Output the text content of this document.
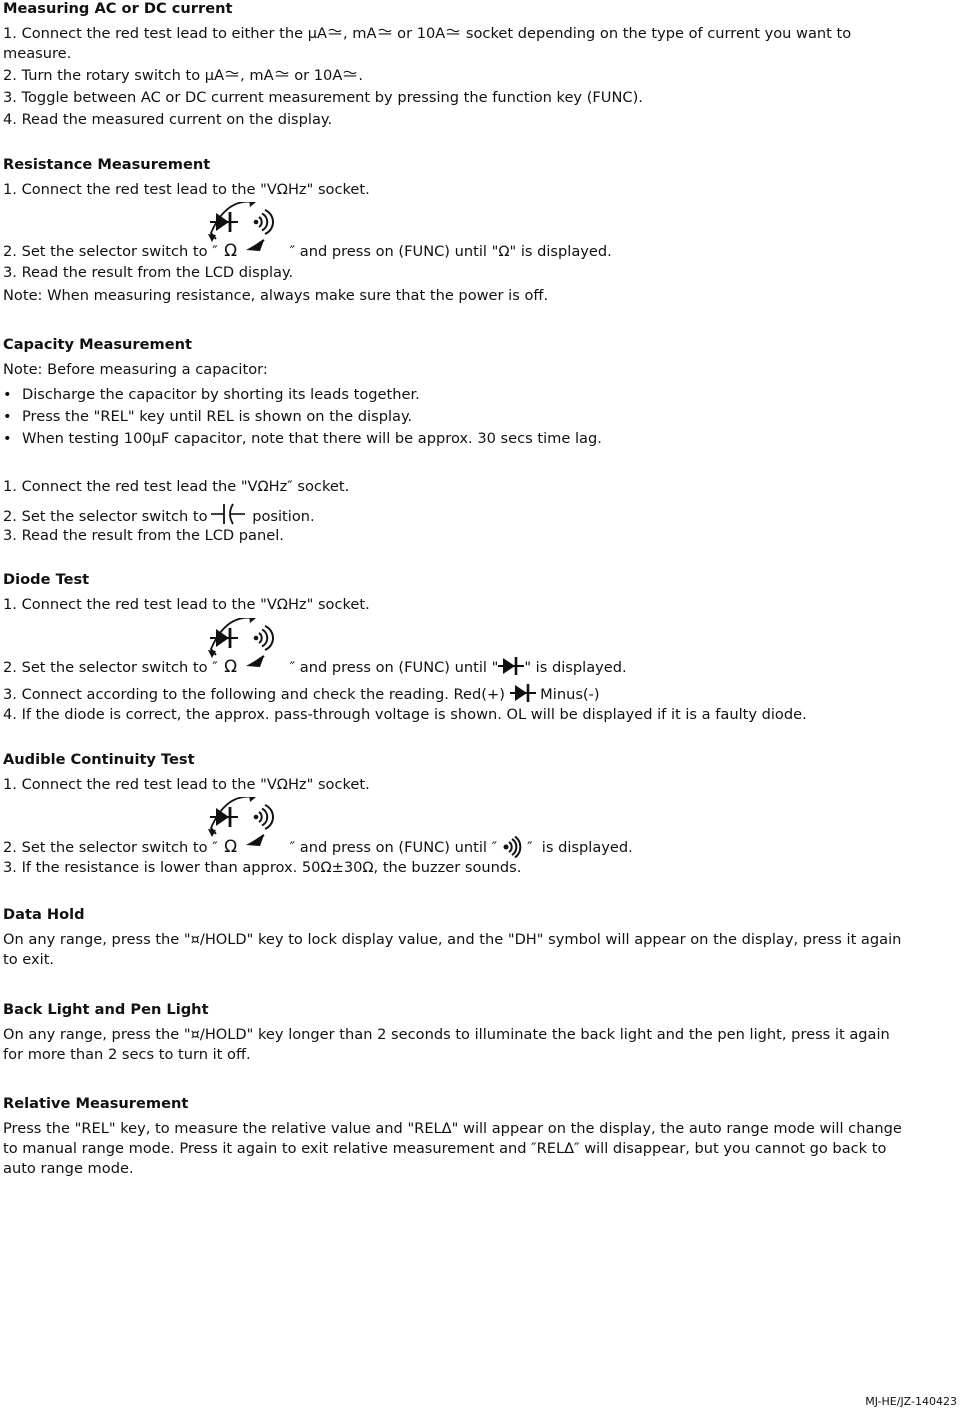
Measuring AC or DC current
1. Connect the red test lead to either the μA , mA or 10A socket depending on the type of current you want to
measure.
2. Turn the rotary switch to μA , mA or 10A .
3. Toggle between AC or DC current measurement by pressing the function key (FUNC).
4. Read the measured current on the display.
Resistance Measurement
1. Connect the red test lead to the "VΩHz" socket.
2. Set the selector switch to ″ Ω	″ and press on (FUNC) until "Ω" is displayed.
3. Read the result from the LCD display.
Note: When measuring resistance, always make sure that the power is off.
Capacity Measurement
Note: Before measuring a capacitor:
• Discharge the capacitor by shorting its leads together.
• Press the "REL" key until REL is shown on the display.
• When testing 100μF capacitor, note that there will be approx. 30 secs time lag.
1. Connect the red test lead the "VΩHz″ socket.
2. Set the selector switch to	position.
3. Read the result from the LCD panel.
Diode Test
1. Connect the red test lead to the "VΩHz" socket.
2. Set the selector switch to ″ Ω	″ and press on (FUNC) until " " is displayed.
3. Connect according to the following and check the reading. Red(+)  Minus(-)
4. If the diode is correct, the approx. pass-through voltage is shown. OL will be displayed if it is a faulty diode.
Audible Continuity Test
1. Connect the red test lead to the "VΩHz" socket.
2. Set the selector switch to ″ Ω	″ and press on (FUNC) until ″ ″  is displayed.
3. If the resistance is lower than approx. 50Ω±30Ω, the buzzer sounds.
Data Hold
On any range, press the "¤/HOLD" key to lock display value, and the "DH" symbol will appear on the display, press it again to exit.
Back Light and Pen Light
On any range, press the "¤/HOLD" key longer than 2 seconds to illuminate the back light and the pen light, press it again for more than 2 secs to turn it off.
Relative Measurement
Press the "REL" key, to measure the relative value and "RELΔ" will appear on the display, the auto range mode will change to manual range mode. Press it again to exit relative measurement and ″RELΔ″ will disappear, but you cannot go back to auto range mode.
MJ-HE/JZ-140423
